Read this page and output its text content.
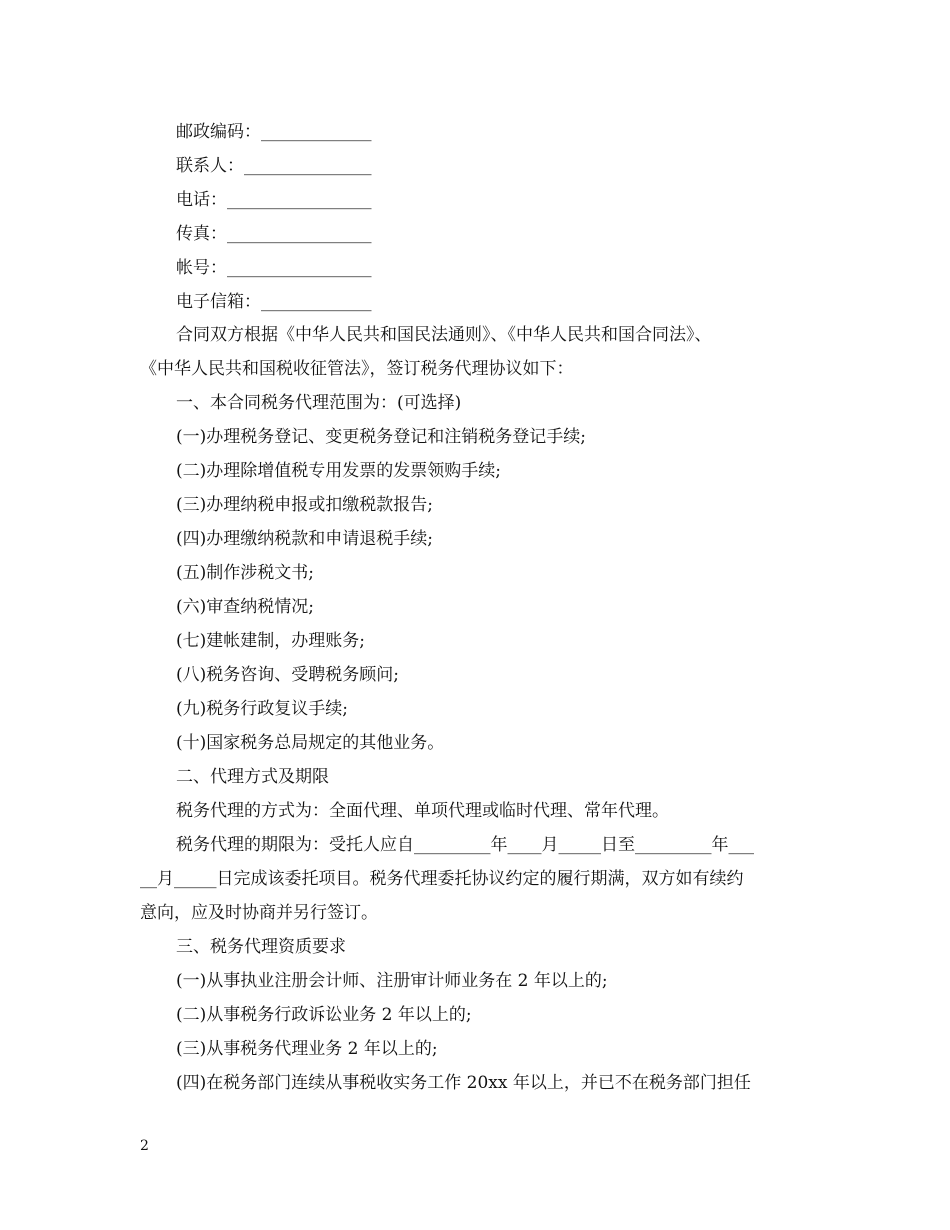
邮政编码：_____________
联系人：_______________
电话：_________________
传真：_________________
帐号：_________________
电子信箱：_____________
合同双方根据《中华人民共和国民法通则》、《中华人民共和国合同法》、
《中华人民共和国税收征管法》，签订税务代理协议如下：
一、本合同税务代理范围为：(可选择)
(一)办理税务登记、变更税务登记和注销税务登记手续;
(二)办理除增值税专用发票的发票领购手续;
(三)办理纳税申报或扣缴税款报告;
(四)办理缴纳税款和申请退税手续;
(五)制作涉税文书;
(六)审查纳税情况;
(七)建帐建制，办理账务;
(八)税务咨询、受聘税务顾问;
(九)税务行政复议手续;
(十)国家税务总局规定的其他业务。
二、代理方式及期限
税务代理的方式为：全面代理、单项代理或临时代理、常年代理。
税务代理的期限为：受托人应自_________年____月_____日至_________年___
__月_____日完成该委托项目。税务代理委托协议约定的履行期满，双方如有续约
意向，应及时协商并另行签订。
三、税务代理资质要求
(一)从事执业注册会计师、注册审计师业务在 2 年以上的;
(二)从事税务行政诉讼业务 2 年以上的;
(三)从事税务代理业务 2 年以上的;
(四)在税务部门连续从事税收实务工作 20xx 年以上，并已不在税务部门担任
2
